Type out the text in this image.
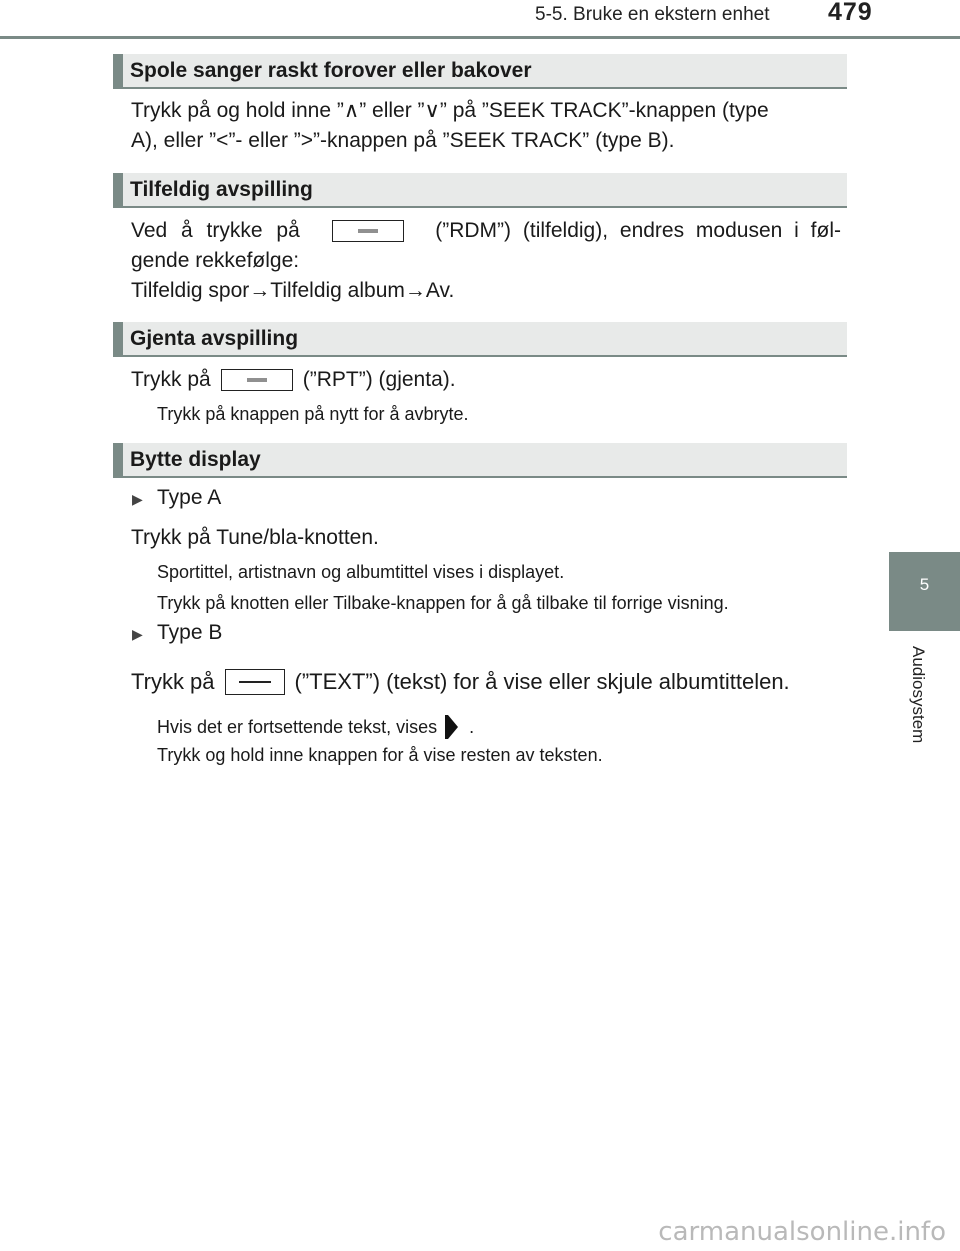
5-5. Bruke en ekstern enhet 479
5
Audiosystem
Spole sanger raskt forover eller bakover
Trykk på og hold inne ”∧” eller ”∨” på ”SEEK TRACK”-knappen (type
A), eller ”<”- eller ”>”-knappen på ”SEEK TRACK” (type B).
Tilfeldig avspilling
Ved å trykke på	(”RDM”) (tilfeldig), endres modusen i føl-
gende rekkefølge:
Tilfeldig spor→Tilfeldig album→Av.
Gjenta avspilling
Trykk på	(”RPT”) (gjenta).
Trykk på knappen på nytt for å avbryte.
Bytte display
▶ Type A
Trykk på Tune/bla-knotten.
Sportittel, artistnavn og albumtittel vises i displayet.
Trykk på knotten eller Tilbake-knappen for å gå tilbake til forrige visning.
▶ Type B
Trykk på	(”TEXT”) (tekst) for å vise eller skjule albumtittelen.
Hvis det er fortsettende tekst, vises .
Trykk og hold inne knappen for å vise resten av teksten.
carmanualsonline.info
